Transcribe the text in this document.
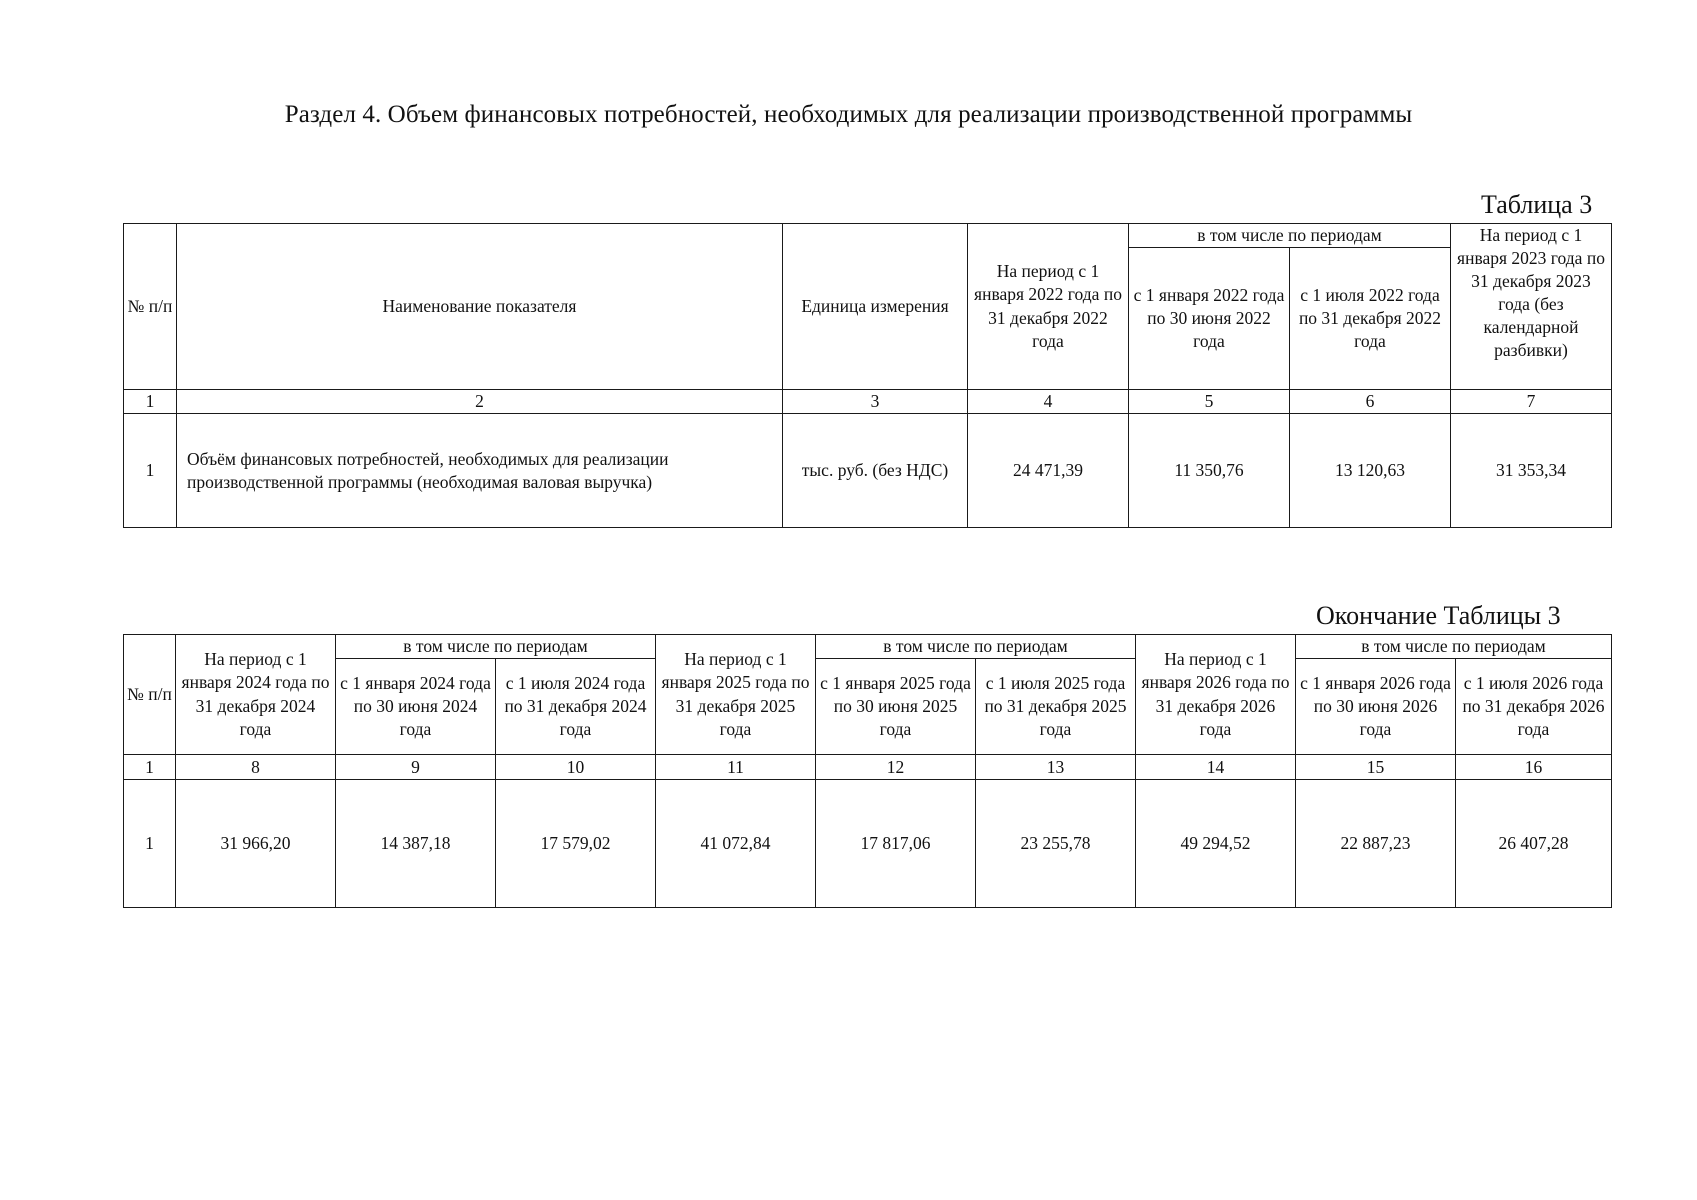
Раздел 4. Объем финансовых потребностей, необходимых для реализации производственной программы
Таблица 3
№ п/п	Наименование показателя	Единица измерения	На период с 1 января 2022 года по 31 декабря 2022 года	в том числе по периодам		На период с 1 января 2023 года по 31 декабря 2023 года (без календарной разбивки)
				с 1 января 2022 года по 30 июня 2022 года	с 1 июля 2022 года по 31 декабря 2022 года	
1	2	3	4	5	6	7
1	Объём финансовых потребностей, необходимых для реализации производственной программы (необходимая валовая выручка)	тыс. руб. (без НДС)	24 471,39	11 350,76	13 120,63	31 353,34
Окончание Таблицы 3
№ п/п	На период с 1 января 2024 года по 31 декабря 2024 года	в том числе по периодам		На период с 1 января 2025 года по 31 декабря 2025 года	в том числе по периодам		На период с 1 января 2026 года по 31 декабря 2026 года	в том числе по периодам	
		с 1 января 2024 года по 30 июня 2024 года	с 1 июля 2024 года по 31 декабря 2024 года		с 1 января 2025 года по 30 июня 2025 года	с 1 июля 2025 года по 31 декабря 2025 года		с 1 января 2026 года по 30 июня 2026 года	с 1 июля 2026 года по 31 декабря 2026 года
1	8	9	10	11	12	13	14	15	16
1	31 966,20	14 387,18	17 579,02	41 072,84	17 817,06	23 255,78	49 294,52	22 887,23	26 407,28
